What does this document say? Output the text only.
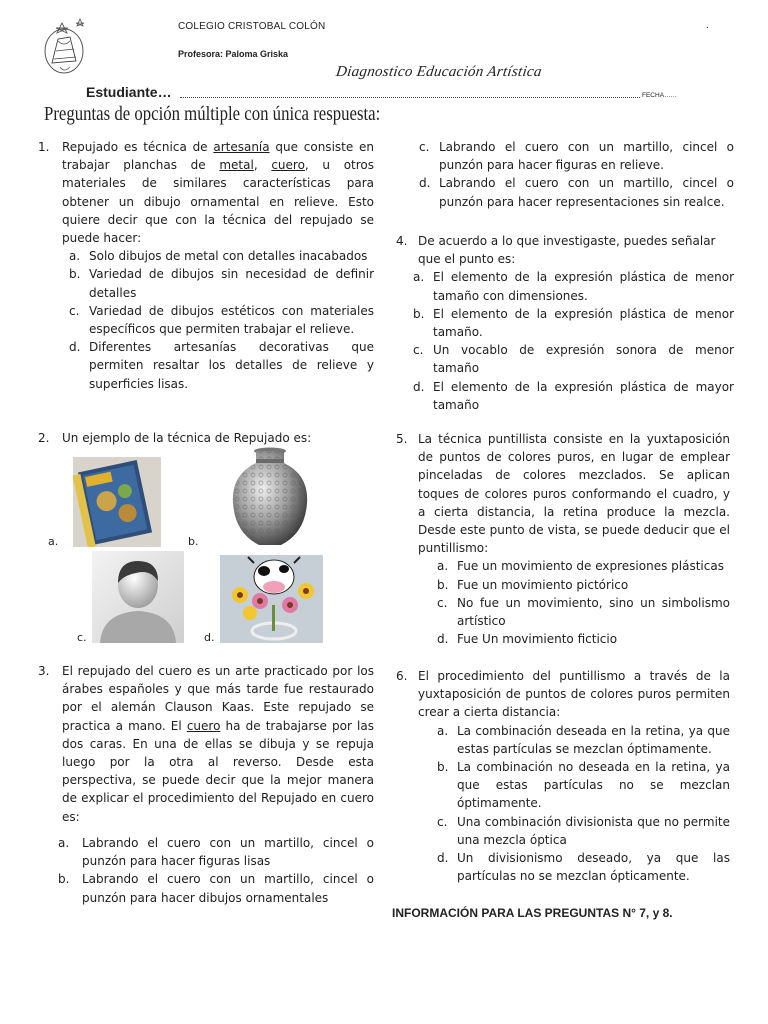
COLEGIO CRISTOBAL COLÓN
Profesora: Paloma Griska
.
Diagnostico Educación Artística
Estudiante…	FECHA……
Preguntas de opción múltiple con única respuesta:
1. Repujado es técnica de artesanía que consiste en trabajar planchas de metal, cuero, u otros materiales de similares características para obtener un dibujo ornamental en relieve. Esto quiere decir que con la técnica del repujado se puede hacer:

a. Solo dibujos de metal con detalles inacabados
b. Variedad de dibujos sin necesidad de definir detalles
c. Variedad de dibujos estéticos con materiales específicos que permiten trabajar el relieve.
d. Diferentes artesanías decorativas que permiten resaltar los detalles de relieve y superficies lisas.
2. Un ejemplo de la técnica de Repujado es:

a.	b.
c.	d.
3. El repujado del cuero es un arte practicado por los árabes españoles y que más tarde fue restaurado por el alemán Clauson Kaas. Este repujado se practica a mano. El cuero ha de trabajarse por las dos caras. En una de ellas se dibuja y se repuja luego por la otra al reverso. Desde esta perspectiva, se puede decir que la mejor manera de explicar el procedimiento del Repujado en cuero es:

a. Labrando el cuero con un martillo, cincel o punzón para hacer figuras lisas
b. Labrando el cuero con un martillo, cincel o punzón para hacer dibujos ornamentales
c. Labrando el cuero con un martillo, cincel o punzón para hacer figuras en relieve.
d. Labrando el cuero con un martillo, cincel o punzón para hacer representaciones sin realce.
4. De acuerdo a lo que investigaste, puedes señalar que el punto es:

a. El elemento de la expresión plástica de menor tamaño con dimensiones.
b. El elemento de la expresión plástica de menor tamaño.
c. Un vocablo de expresión sonora de menor tamaño
d. El elemento de la expresión plástica de mayor tamaño
5. La técnica puntillista consiste en la yuxtaposición de puntos de colores puros, en lugar de emplear pinceladas de colores mezclados. Se aplican toques de colores puros conformando el cuadro, y a cierta distancia, la retina produce la mezcla. Desde este punto de vista, se puede deducir que el puntillismo:

a. Fue un movimiento de expresiones plásticas
b. Fue un movimiento pictórico
c. No fue un movimiento, sino un simbolismo artístico
d. Fue Un movimiento ficticio
6. El procedimiento del puntillismo a través de la yuxtaposición de puntos de colores puros permiten crear a cierta distancia:

a. La combinación deseada en la retina, ya que estas partículas se mezclan óptimamente.
b. La combinación no deseada en la retina, ya que estas partículas no se mezclan óptimamente.
c. Una combinación divisionista que no permite una mezcla óptica
d. Un divisionismo deseado, ya que las partículas no se mezclan ópticamente.
INFORMACIÓN PARA LAS PREGUNTAS N° 7, y 8.
